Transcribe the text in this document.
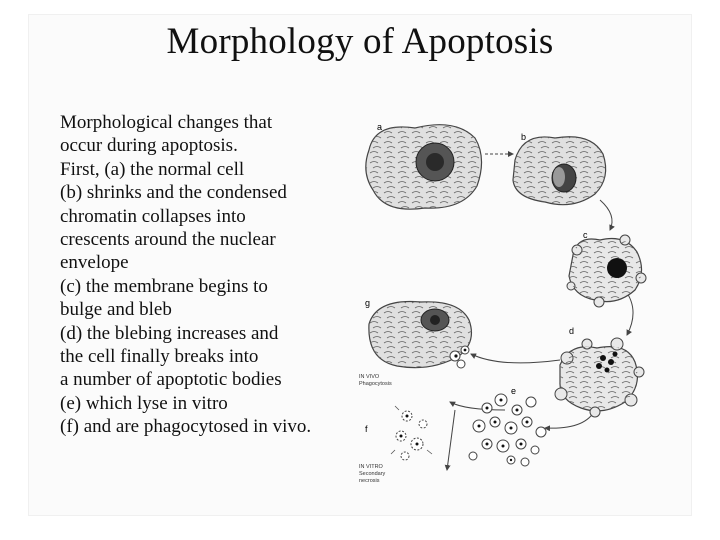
Morphology of Apoptosis
Morphological changes that
occur during apoptosis.
First, (a) the normal cell
(b) shrinks and the condensed
chromatin collapses into
crescents around the nuclear
envelope
(c) the membrane begins to
bulge and bleb
(d) the blebing increases and
the cell finally breaks into
a number of apoptotic bodies
(e) which lyse in vitro
(f) and are phagocytosed in vivo.
a
b
c
d
g
IN VIVO
Phagocytosis
e
f
IN VITRO
Secondary
necrosis
